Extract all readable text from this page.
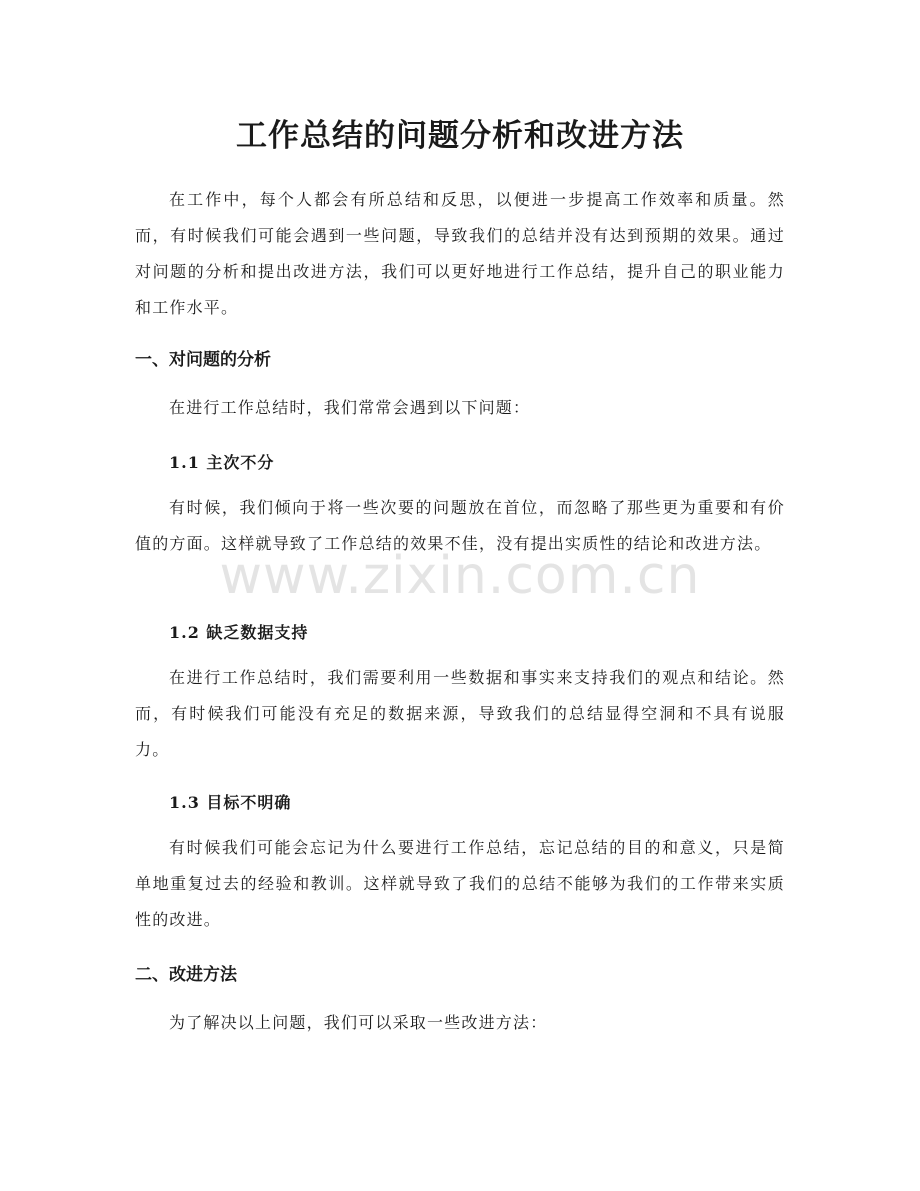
工作总结的问题分析和改进方法

在工作中，每个人都会有所总结和反思，以便进一步提高工作效率和质量。然而，有时候我们可能会遇到一些问题，导致我们的总结并没有达到预期的效果。通过对问题的分析和提出改进方法，我们可以更好地进行工作总结，提升自己的职业能力和工作水平。

一、对问题的分析

在进行工作总结时，我们常常会遇到以下问题：

1.1 主次不分

有时候，我们倾向于将一些次要的问题放在首位，而忽略了那些更为重要和有价值的方面。这样就导致了工作总结的效果不佳，没有提出实质性的结论和改进方法。

1.2 缺乏数据支持

在进行工作总结时，我们需要利用一些数据和事实来支持我们的观点和结论。然而，有时候我们可能没有充足的数据来源，导致我们的总结显得空洞和不具有说服力。

1.3 目标不明确

有时候我们可能会忘记为什么要进行工作总结，忘记总结的目的和意义，只是简单地重复过去的经验和教训。这样就导致了我们的总结不能够为我们的工作带来实质性的改进。

二、改进方法

为了解决以上问题，我们可以采取一些改进方法：

www.zixin.com.cn
